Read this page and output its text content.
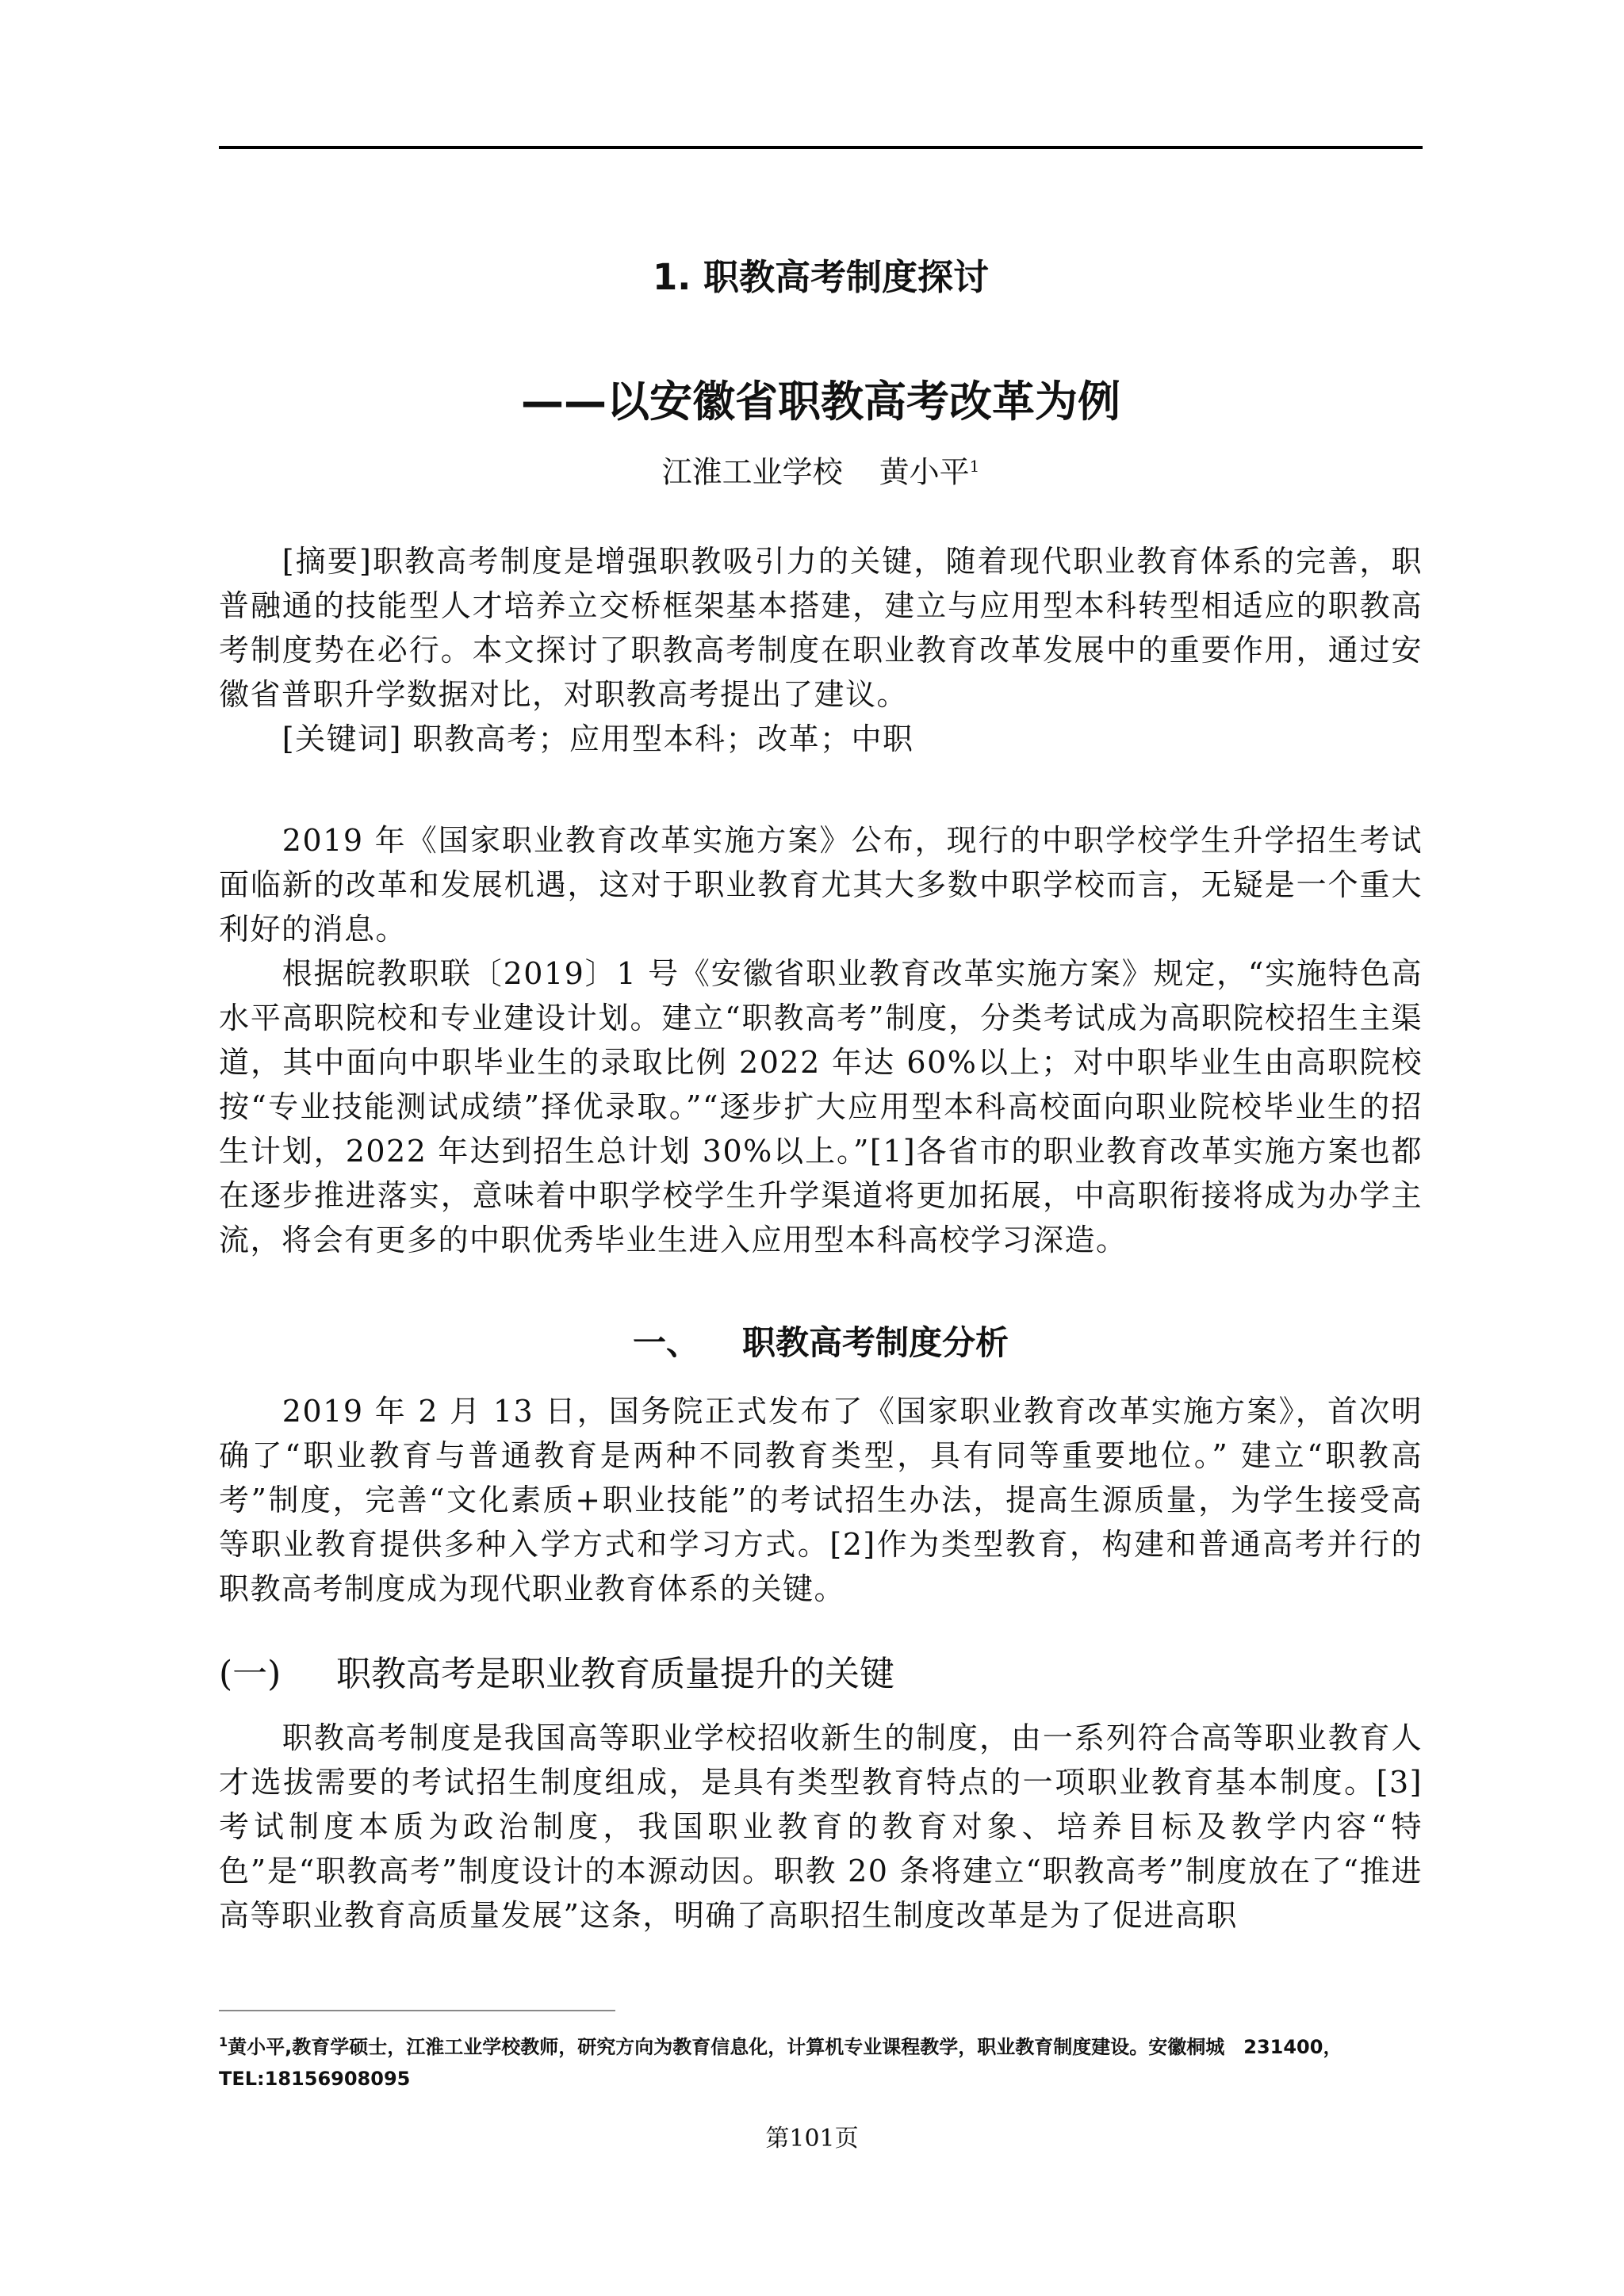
1. 职教高考制度探讨
——以安徽省职教高考改革为例
江淮工业学校 黄小平$^1$

[摘要]职教高考制度是增强职教吸引力的关键，随着现代职业教育体系的完善，职普融通的技能型人才培养立交桥框架基本搭建，建立与应用型本科转型相适应的职教高考制度势在必行。本文探讨了职教高考制度在职业教育改革发展中的重要作用，通过安徽省普职升学数据对比，对职教高考提出了建议。

[关键词] 职教高考；应用型本科；改革；中职

2019 年《国家职业教育改革实施方案》公布，现行的中职学校学生升学招生考试面临新的改革和发展机遇，这对于职业教育尤其大多数中职学校而言，无疑是一个重大利好的消息。

根据皖教职联〔2019〕1 号《安徽省职业教育改革实施方案》规定，“实施特色高水平高职院校和专业建设计划。建立“职教高考”制度，分类考试成为高职院校招生主渠道，其中面向中职毕业生的录取比例 2022 年达 60%以上；对中职毕业生由高职院校按“专业技能测试成绩”择优录取。”“逐步扩大应用型本科高校面向职业院校毕业生的招生计划，2022 年达到招生总计划 30%以上。”[1]各省市的职业教育改革实施方案也都在逐步推进落实，意味着中职学校学生升学渠道将更加拓展，中高职衔接将成为办学主流，将会有更多的中职优秀毕业生进入应用型本科高校学习深造。

一、 职教高考制度分析

2019 年 2 月 13 日，国务院正式发布了《国家职业教育改革实施方案》，首次明确了“职业教育与普通教育是两种不同教育类型，具有同等重要地位。” 建立“职教高考”制度，完善“文化素质+职业技能”的考试招生办法，提高生源质量，为学生接受高等职业教育提供多种入学方式和学习方式。[2]作为类型教育，构建和普通高考并行的职教高考制度成为现代职业教育体系的关键。

(一) 职教高考是职业教育质量提升的关键

职教高考制度是我国高等职业学校招收新生的制度，由一系列符合高等职业教育人才选拔需要的考试招生制度组成，是具有类型教育特点的一项职业教育基本制度。[3]考试制度本质为政治制度，我国职业教育的教育对象、培养目标及教学内容“特色”是“职教高考”制度设计的本源动因。职教 20 条将建立“职教高考”制度放在了“推进高等职业教育高质量发展”这条，明确了高职招生制度改革是为了促进高职

$^1$黄小平,教育学硕士，江淮工业学校教师，研究方向为教育信息化，计算机专业课程教学，职业教育制度建设。安徽桐城　231400，TEL:18156908095
第101页
